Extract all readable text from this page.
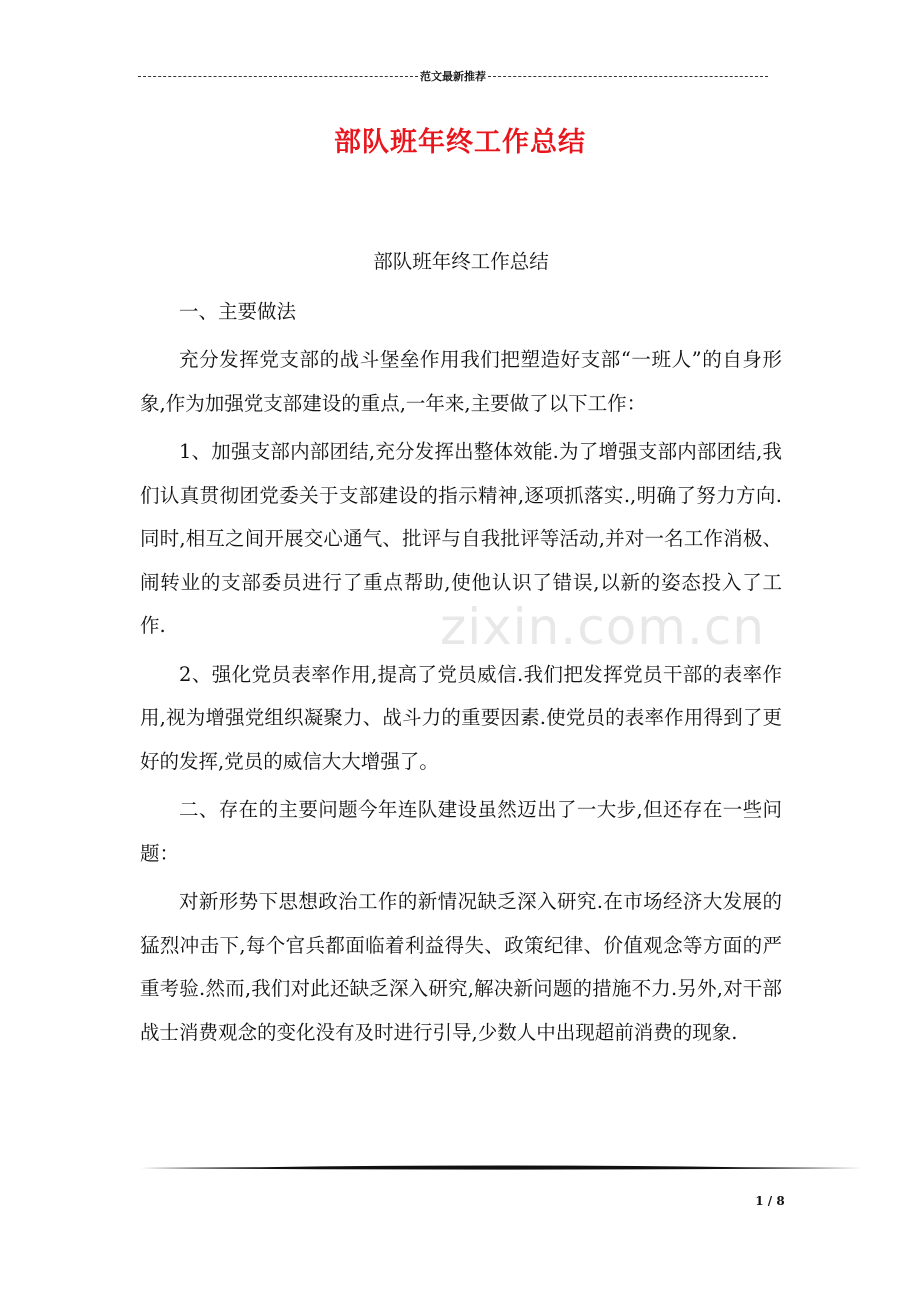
范文最新推荐
部队班年终工作总结

部队班年终工作总结

一、主要做法

充分发挥党支部的战斗堡垒作用我们把塑造好支部“一班人”的自身形象,作为加强党支部建设的重点,一年来,主要做了以下工作：

1、加强支部内部团结,充分发挥出整体效能.为了增强支部内部团结,我们认真贯彻团党委关于支部建设的指示精神,逐项抓落实.,明确了努力方向.同时,相互之间开展交心通气、批评与自我批评等活动,并对一名工作消极、闹转业的支部委员进行了重点帮助,使他认识了错误,以新的姿态投入了工作.

2、强化党员表率作用,提高了党员威信.我们把发挥党员干部的表率作用,视为增强党组织凝聚力、战斗力的重要因素.使党员的表率作用得到了更好的发挥,党员的威信大大增强了。

二、存在的主要问题今年连队建设虽然迈出了一大步,但还存在一些问题：

对新形势下思想政治工作的新情况缺乏深入研究.在市场经济大发展的猛烈冲击下,每个官兵都面临着利益得失、政策纪律、价值观念等方面的严重考验.然而,我们对此还缺乏深入研究,解决新问题的措施不力.另外,对干部战士消费观念的变化没有及时进行引导,少数人中出现超前消费的现象.

zixin.com.cn
1 / 8
